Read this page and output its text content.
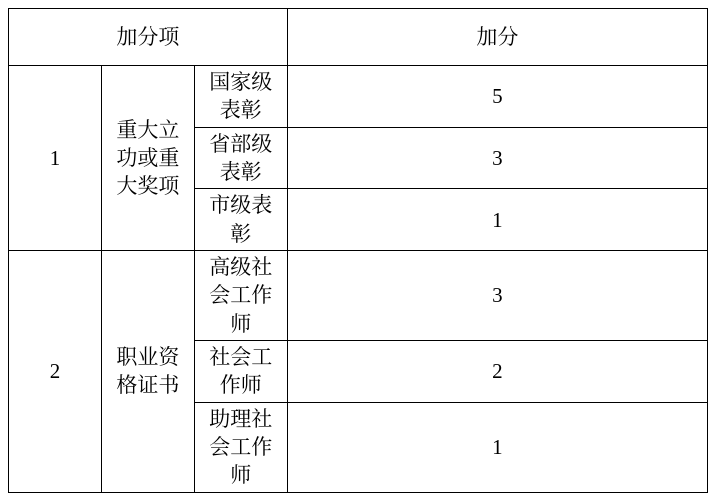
加分项			加分
1	重大立功或重大奖项	国家级表彰	5
		省部级表彰	3
		市级表彰	1
2	职业资格证书	高级社会工作师	3
		社会工作师	2
		助理社会工作师	1
